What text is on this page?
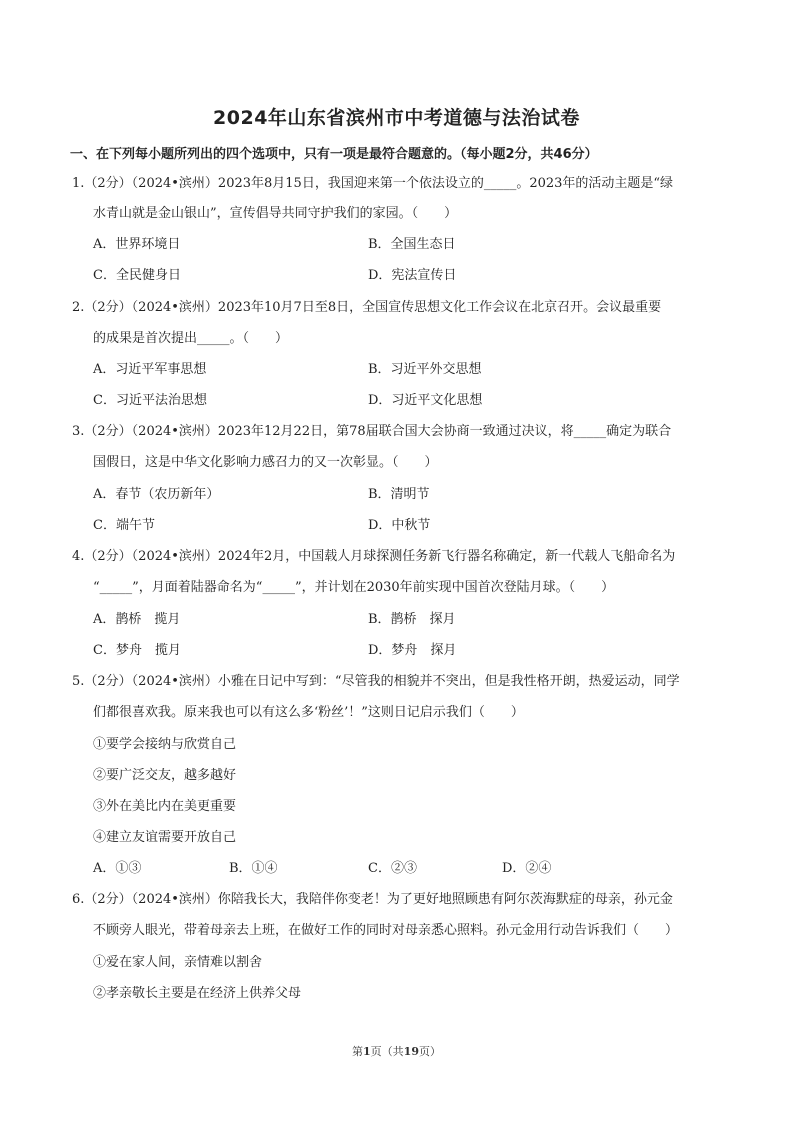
2024年山东省滨州市中考道德与法治试卷
一、在下列每小题所列出的四个选项中，只有一项是最符合题意的。（每小题2分，共46分）
1.（2分）（2024•滨州）2023年8月15日，我国迎来第一个依法设立的_____。2023年的活动主题是“绿
水青山就是金山银山”，宣传倡导共同守护我们的家园。（　　）
A．世界环境日	B．全国生态日
C．全民健身日	D．宪法宣传日
2.（2分）（2024•滨州）2023年10月7日至8日，全国宣传思想文化工作会议在北京召开。会议最重要
的成果是首次提出_____。（　　）
A．习近平军事思想	B．习近平外交思想
C．习近平法治思想	D．习近平文化思想
3.（2分）（2024•滨州）2023年12月22日，第78届联合国大会协商一致通过决议，将_____确定为联合
国假日，这是中华文化影响力感召力的又一次彰显。（　　）
A．春节（农历新年）	B．清明节
C．端午节	D．中秋节
4.（2分）（2024•滨州）2024年2月，中国载人月球探测任务新飞行器名称确定，新一代载人飞船命名为
“_____”，月面着陆器命名为“_____”，并计划在2030年前实现中国首次登陆月球。（　　）
A．鹊桥　揽月	B．鹊桥　探月
C．梦舟　揽月	D．梦舟　探月
5.（2分）（2024•滨州）小雅在日记中写到：“尽管我的相貌并不突出，但是我性格开朗，热爱运动，同学
们都很喜欢我。原来我也可以有这么多‘粉丝’！”这则日记启示我们（　　）
①要学会接纳与欣赏自己
②要广泛交友，越多越好
③外在美比内在美更重要
④建立友谊需要开放自己
A．①③	B．①④	C．②③	D．②④
6.（2分）（2024•滨州）你陪我长大，我陪伴你变老！为了更好地照顾患有阿尔茨海默症的母亲，孙元金
不顾旁人眼光，带着母亲去上班，在做好工作的同时对母亲悉心照料。孙元金用行动告诉我们（　　）
①爱在家人间，亲情难以割舍
②孝亲敬长主要是在经济上供养父母
第1页（共19页）
